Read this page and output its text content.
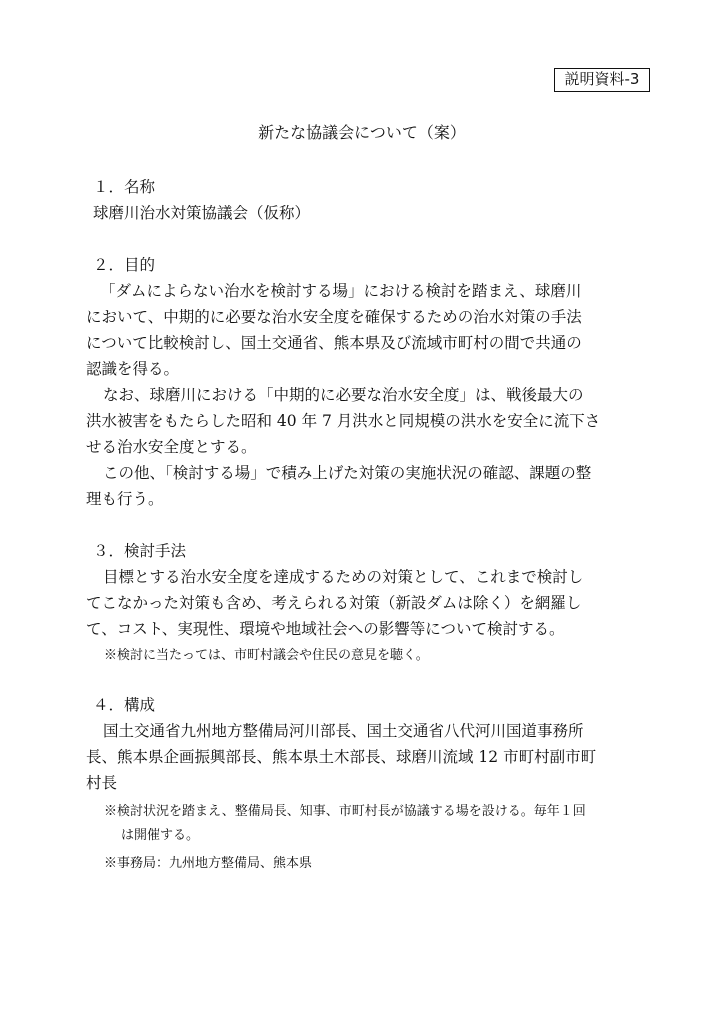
説明資料-3
新たな協議会について（案）
１．名称
球磨川治水対策協議会（仮称）
２．目的
「ダムによらない治水を検討する場」における検討を踏まえ、球磨川
において、中期的に必要な治水安全度を確保するための治水対策の手法
について比較検討し、国土交通省、熊本県及び流域市町村の間で共通の
認識を得る。
なお、球磨川における「中期的に必要な治水安全度」は、戦後最大の
洪水被害をもたらした昭和 40 年 7 月洪水と同規模の洪水を安全に流下さ
せる治水安全度とする。
この他、「検討する場」で積み上げた対策の実施状況の確認、課題の整
理も行う。
３．検討手法
目標とする治水安全度を達成するための対策として、これまで検討し
てこなかった対策も含め、考えられる対策（新設ダムは除く）を網羅し
て、コスト、実現性、環境や地域社会への影響等について検討する。
※検討に当たっては、市町村議会や住民の意見を聴く。
４．構成
国土交通省九州地方整備局河川部長、国土交通省八代河川国道事務所
長、熊本県企画振興部長、熊本県土木部長、球磨川流域 12 市町村副市町
村長
※検討状況を踏まえ、整備局長、知事、市町村長が協議する場を設ける。毎年１回
は開催する。
※事務局：九州地方整備局、熊本県
